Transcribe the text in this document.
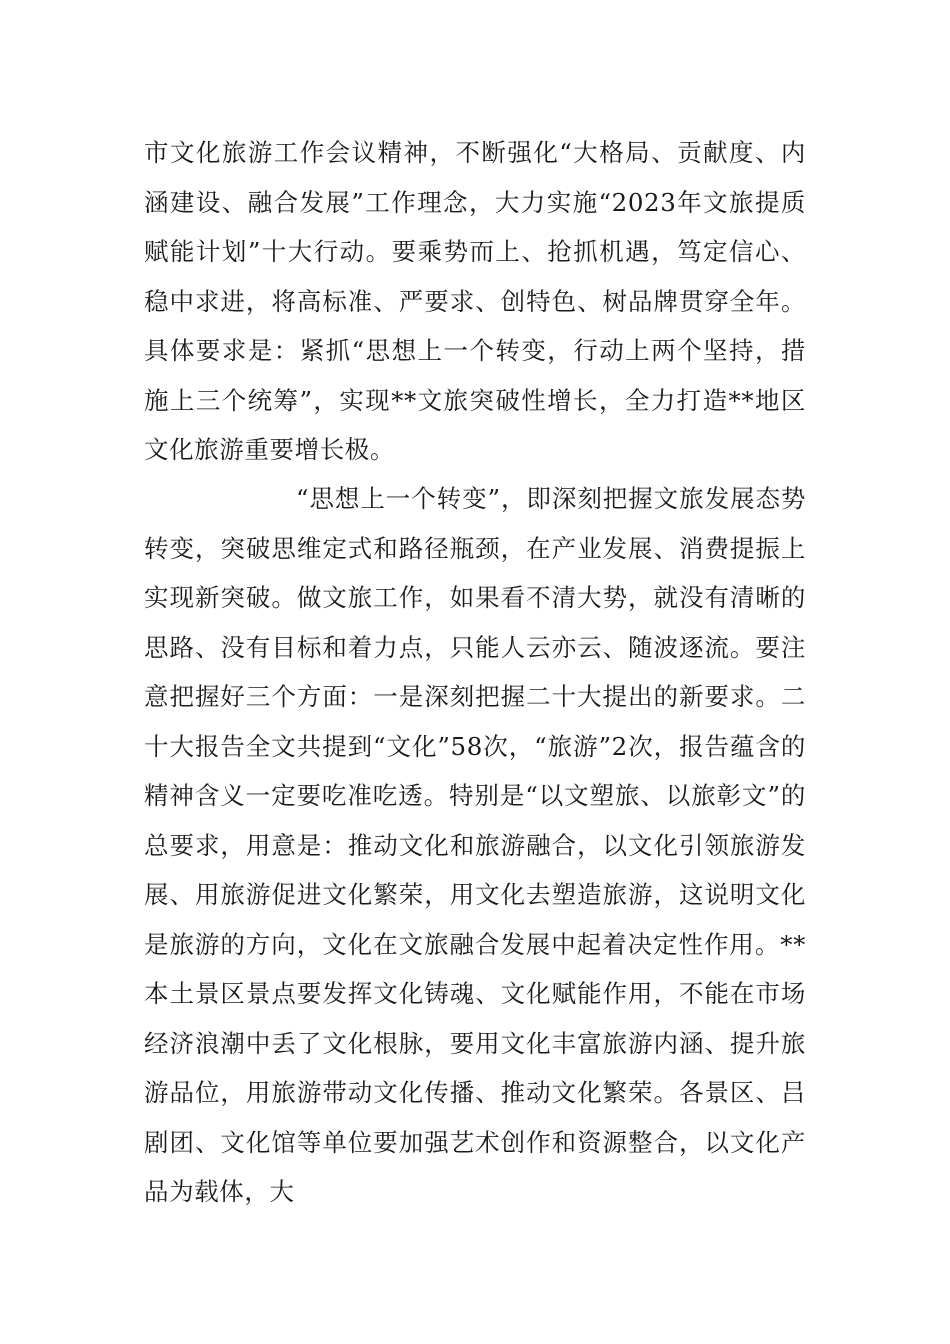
市文化旅游工作会议精神，不断强化“大格局、贡献度、内涵建设、融合发展”工作理念，大力实施“2023年文旅提质赋能计划”十大行动。要乘势而上、抢抓机遇，笃定信心、稳中求进，将高标准、严要求、创特色、树品牌贯穿全年。具体要求是：紧抓“思想上一个转变，行动上两个坚持，措施上三个统筹”，实现**文旅突破性增长，全力打造**地区文化旅游重要增长极。

“思想上一个转变”，即深刻把握文旅发展态势转变，突破思维定式和路径瓶颈，在产业发展、消费提振上实现新突破。做文旅工作，如果看不清大势，就没有清晰的思路、没有目标和着力点，只能人云亦云、随波逐流。要注意把握好三个方面：一是深刻把握二十大提出的新要求。二十大报告全文共提到“文化”58次，“旅游”2次，报告蕴含的精神含义一定要吃准吃透。特别是“以文塑旅、以旅彰文”的总要求，用意是：推动文化和旅游融合，以文化引领旅游发展、用旅游促进文化繁荣，用文化去塑造旅游，这说明文化是旅游的方向，文化在文旅融合发展中起着决定性作用。**本土景区景点要发挥文化铸魂、文化赋能作用，不能在市场经济浪潮中丢了文化根脉，要用文化丰富旅游内涵、提升旅游品位，用旅游带动文化传播、推动文化繁荣。各景区、吕剧团、文化馆等单位要加强艺术创作和资源整合，以文化产品为载体，大
